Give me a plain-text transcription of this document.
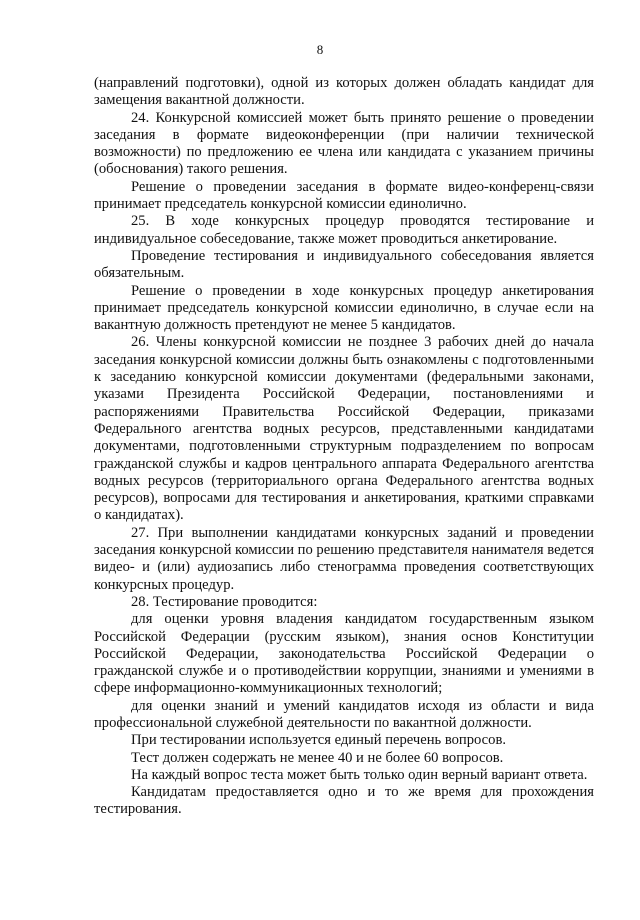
8

(направлений подготовки), одной из которых должен обладать кандидат для замещения вакантной должности.

24. Конкурсной комиссией может быть принято решение о проведении заседания в формате видеоконференции (при наличии технической возможности) по предложению ее члена или кандидата с указанием причины (обоснования) такого решения.

Решение о проведении заседания в формате видео-конференц-связи принимает председатель конкурсной комиссии единолично.

25. В ходе конкурсных процедур проводятся тестирование и индивидуальное собеседование, также может проводиться анкетирование.

Проведение тестирования и индивидуального собеседования является обязательным.

Решение о проведении в ходе конкурсных процедур анкетирования принимает председатель конкурсной комиссии единолично, в случае если на вакантную должность претендуют не менее 5 кандидатов.

26. Члены конкурсной комиссии не позднее 3 рабочих дней до начала заседания конкурсной комиссии должны быть ознакомлены с подготовленными к заседанию конкурсной комиссии документами (федеральными законами, указами Президента Российской Федерации, постановлениями и распоряжениями Правительства Российской Федерации, приказами Федерального агентства водных ресурсов, представленными кандидатами документами, подготовленными структурным подразделением по вопросам гражданской службы и кадров центрального аппарата Федерального агентства водных ресурсов (территориального органа Федерального агентства водных ресурсов), вопросами для тестирования и анкетирования, краткими справками о кандидатах).

27. При выполнении кандидатами конкурсных заданий и проведении заседания конкурсной комиссии по решению представителя нанимателя ведется видео- и (или) аудиозапись либо стенограмма проведения соответствующих конкурсных процедур.

28. Тестирование проводится:

для оценки уровня владения кандидатом государственным языком Российской Федерации (русским языком), знания основ Конституции Российской Федерации, законодательства Российской Федерации о гражданской службе и о противодействии коррупции, знаниями и умениями в сфере информационно-коммуникационных технологий;

для оценки знаний и умений кандидатов исходя из области и вида профессиональной служебной деятельности по вакантной должности.

При тестировании используется единый перечень вопросов.

Тест должен содержать не менее 40 и не более 60 вопросов.

На каждый вопрос теста может быть только один верный вариант ответа.

Кандидатам предоставляется одно и то же время для прохождения тестирования.
